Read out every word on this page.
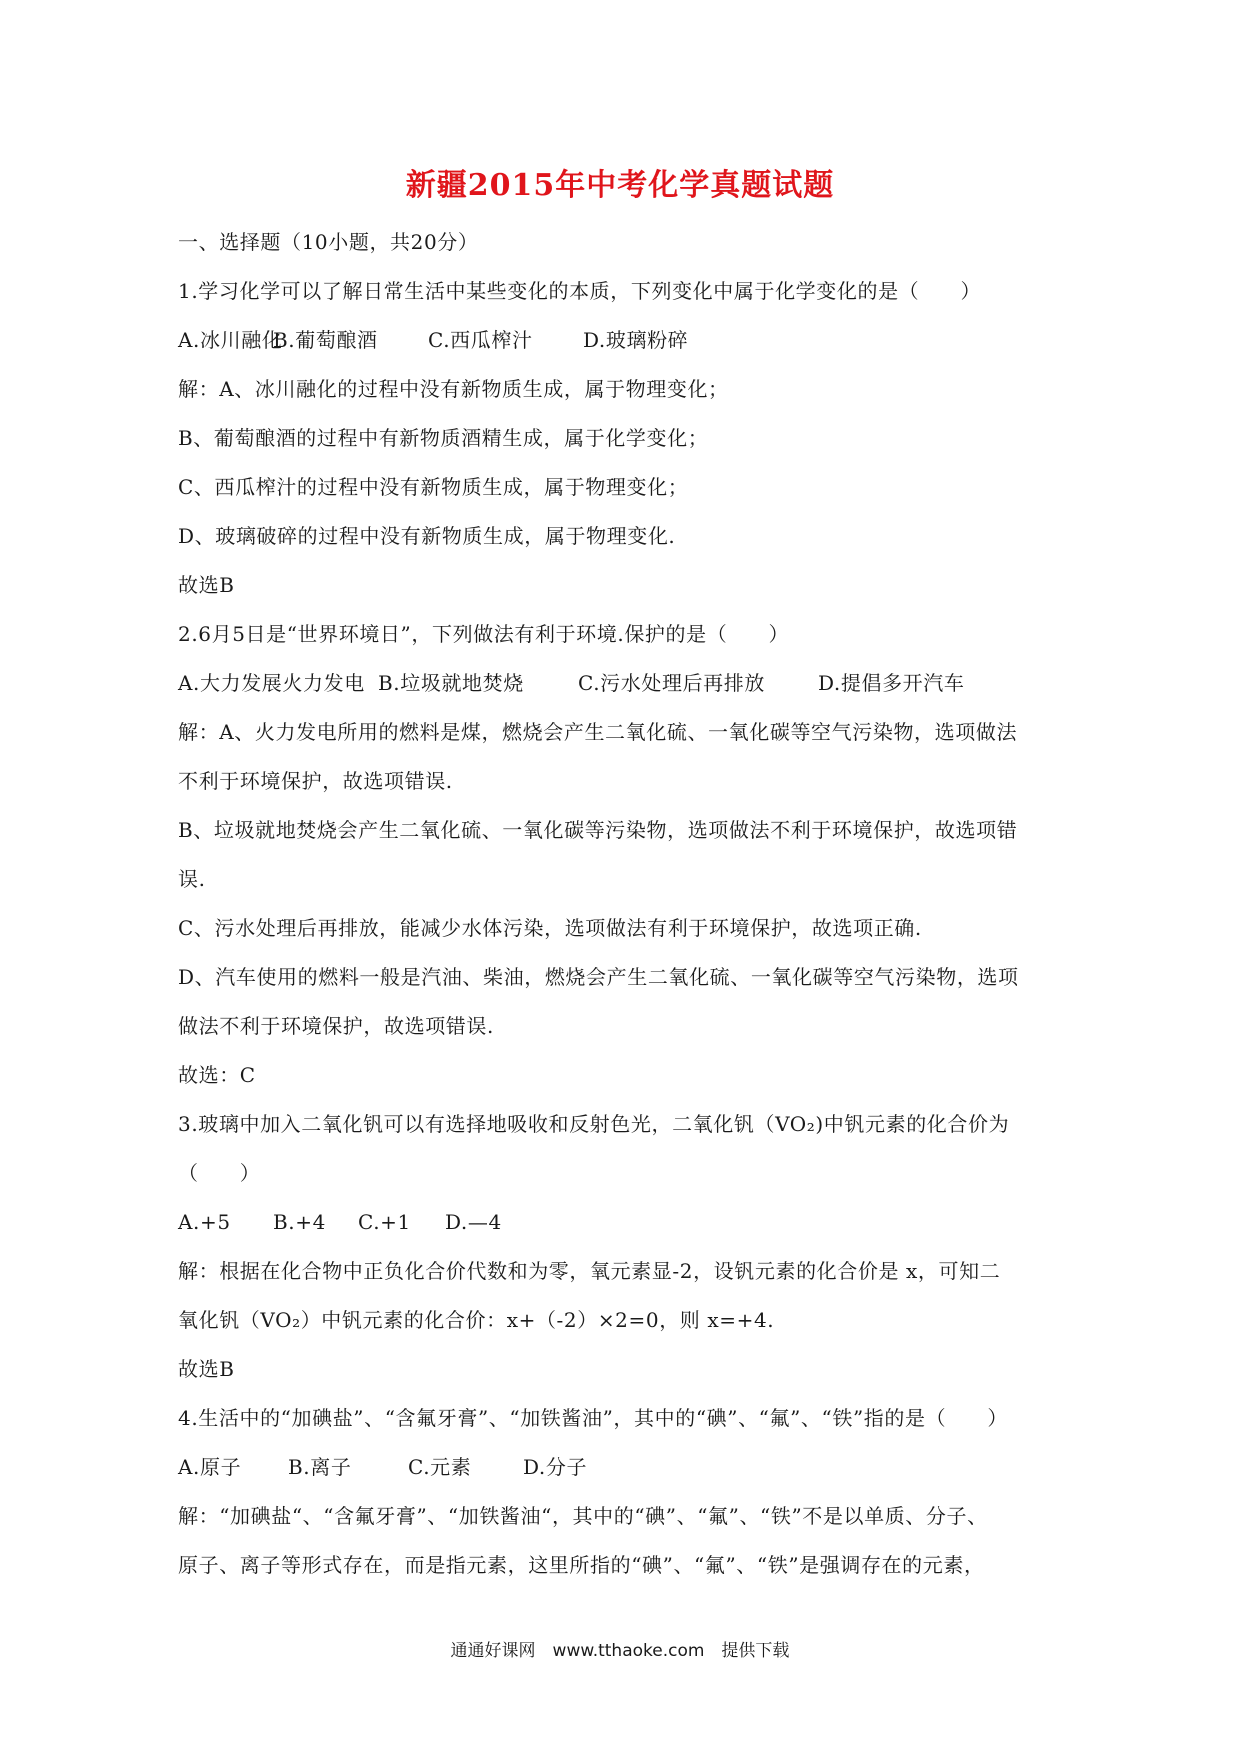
新疆2015年中考化学真题试题
一、选择题（10小题，共20分）
1.学习化学可以了解日常生活中某些变化的本质，下列变化中属于化学变化的是（　　）
A.冰川融化B.葡萄酿酒	C.西瓜榨汁	D.玻璃粉碎
解：A、冰川融化的过程中没有新物质生成，属于物理变化；
B、葡萄酿酒的过程中有新物质酒精生成，属于化学变化；
C、西瓜榨汁的过程中没有新物质生成，属于物理变化；
D、玻璃破碎的过程中没有新物质生成，属于物理变化.
故选B
2.6月5日是“世界环境日”，下列做法有利于环境.保护的是（　　）
A.大力发展火力发电 B.垃圾就地焚烧	C.污水处理后再排放	D.提倡多开汽车
解：A、火力发电所用的燃料是煤，燃烧会产生二氧化硫、一氧化碳等空气污染物，选项做法
不利于环境保护，故选项错误.
B、垃圾就地焚烧会产生二氧化硫、一氧化碳等污染物，选项做法不利于环境保护，故选项错
误.
C、污水处理后再排放，能减少水体污染，选项做法有利于环境保护，故选项正确.
D、汽车使用的燃料一般是汽油、柴油，燃烧会产生二氧化硫、一氧化碳等空气污染物，选项
做法不利于环境保护，故选项错误.
故选：C
3.玻璃中加入二氧化钒可以有选择地吸收和反射色光，二氧化钒（VO₂)中钒元素的化合价为
（　　）
A.+5 B.+4 C.+1 D.—4
解：根据在化合物中正负化合价代数和为零，氧元素显-2，设钒元素的化合价是 x，可知二
氧化钒（VO₂）中钒元素的化合价：x+（-2）×2=0，则 x=+4.
故选B
4.生活中的“加碘盐”、“含氟牙膏”、“加铁酱油”，其中的“碘”、“氟”、“铁”指的是（　　）
A.原子 B.离子	C.元素	D.分子
解：“加碘盐“、“含氟牙膏”、“加铁酱油“，其中的“碘”、“氟”、“铁”不是以单质、分子、
原子、离子等形式存在，而是指元素，这里所指的“碘”、“氟”、“铁”是强调存在的元素，
通通好课网　www.tthaoke.com　提供下载
